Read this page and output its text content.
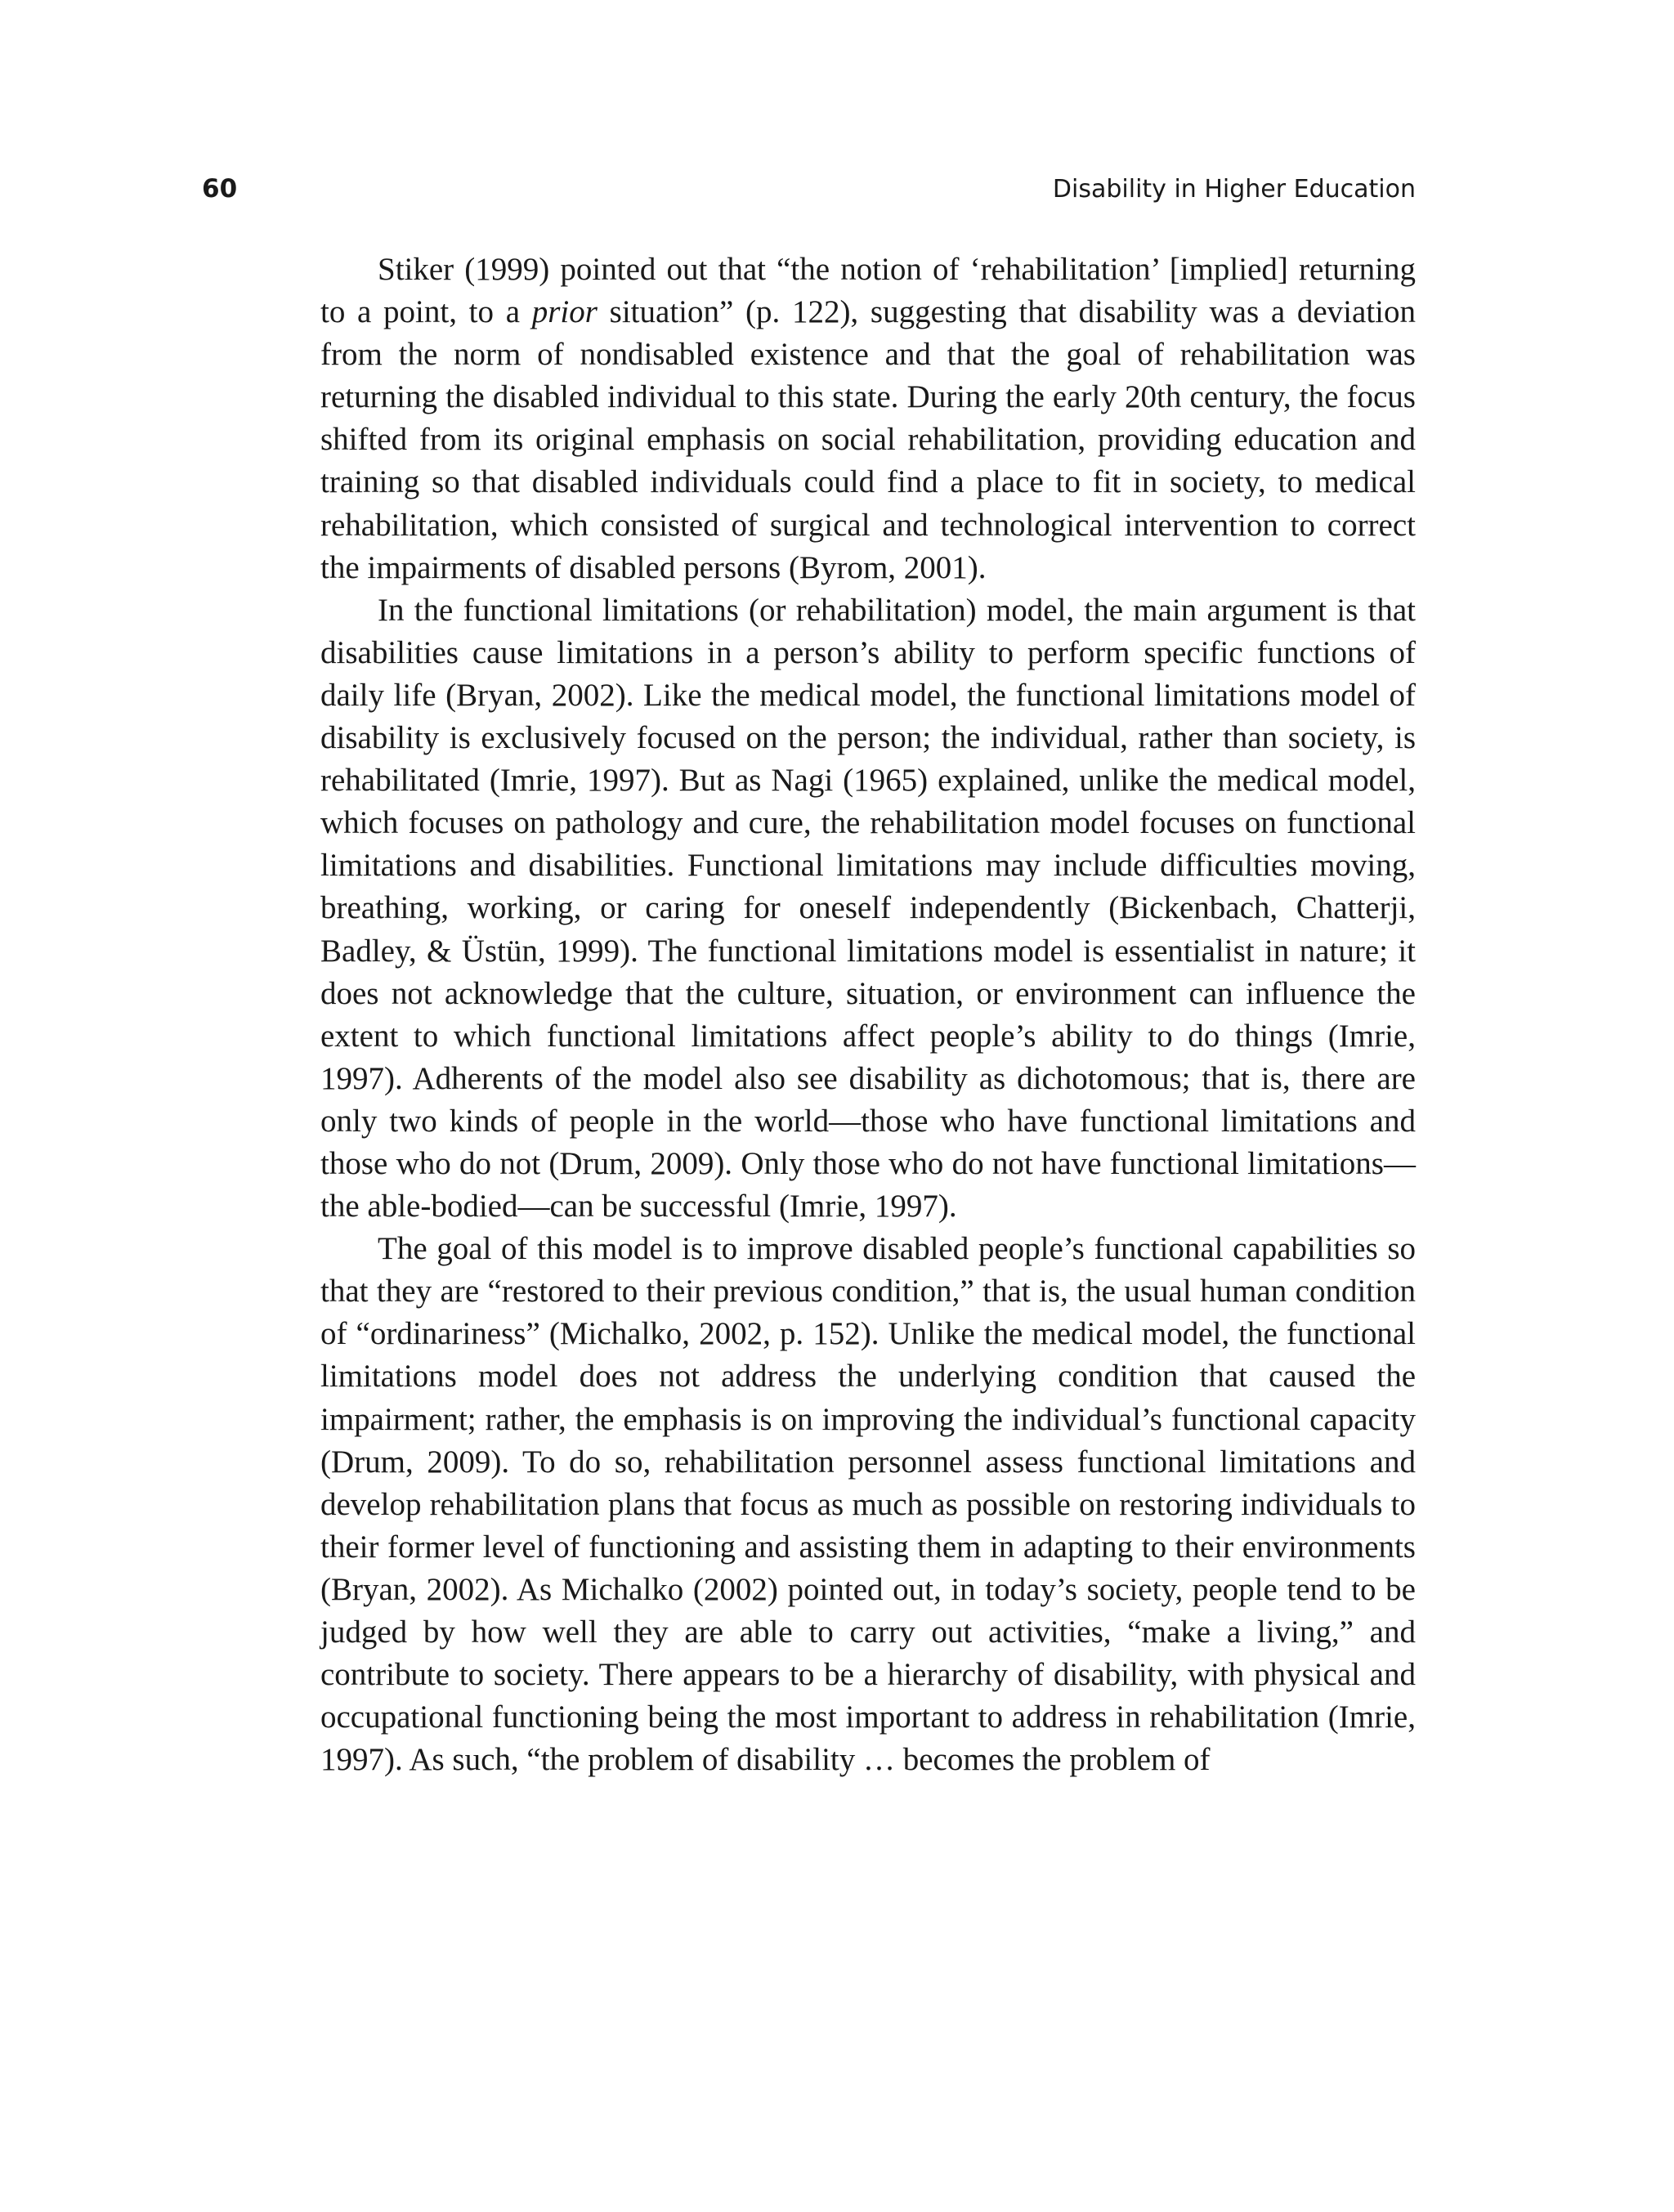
60	Disability in Higher Education

Stiker (1999) pointed out that “the notion of ‘rehabilitation’ [implied] returning to a point, to a prior situation” (p. 122), suggesting that disability was a deviation from the norm of nondisabled existence and that the goal of rehabilitation was returning the disabled individual to this state. During the early 20th century, the focus shifted from its original emphasis on social rehabilitation, providing education and training so that disabled individuals could find a place to fit in society, to medical rehabilitation, which consisted of surgical and technological intervention to correct the impairments of disabled persons (Byrom, 2001).

In the functional limitations (or rehabilitation) model, the main argument is that disabilities cause limitations in a person’s ability to perform specific functions of daily life (Bryan, 2002). Like the medical model, the functional limitations model of disability is exclusively focused on the person; the individual, rather than society, is rehabilitated (Imrie, 1997). But as Nagi (1965) explained, unlike the medical model, which focuses on pathology and cure, the rehabilitation model focuses on functional limitations and disabilities. Functional limitations may include difficulties moving, breathing, working, or caring for oneself independently (Bickenbach, Chatterji, Badley, & Üstün, 1999). The functional limitations model is essentialist in nature; it does not acknowledge that the culture, situation, or environment can influence the extent to which functional limitations affect people’s ability to do things (Imrie, 1997). Adherents of the model also see disability as dichotomous; that is, there are only two kinds of people in the world—those who have functional limitations and those who do not (Drum, 2009). Only those who do not have functional limitations—the able-bodied—can be successful (Imrie, 1997).

The goal of this model is to improve disabled people’s functional capabilities so that they are “restored to their previous condition,” that is, the usual human condition of “ordinariness” (Michalko, 2002, p. 152). Unlike the medical model, the functional limitations model does not address the underlying condition that caused the impairment; rather, the emphasis is on improving the individual’s functional capacity (Drum, 2009). To do so, rehabilitation personnel assess functional limitations and develop rehabilitation plans that focus as much as possible on restoring individuals to their former level of functioning and assisting them in adapting to their environments (Bryan, 2002). As Michalko (2002) pointed out, in today’s society, people tend to be judged by how well they are able to carry out activities, “make a living,” and contribute to society. There appears to be a hierarchy of disability, with physical and occupational functioning being the most important to address in rehabilitation (Imrie, 1997). As such, “the problem of disability … becomes the problem of
